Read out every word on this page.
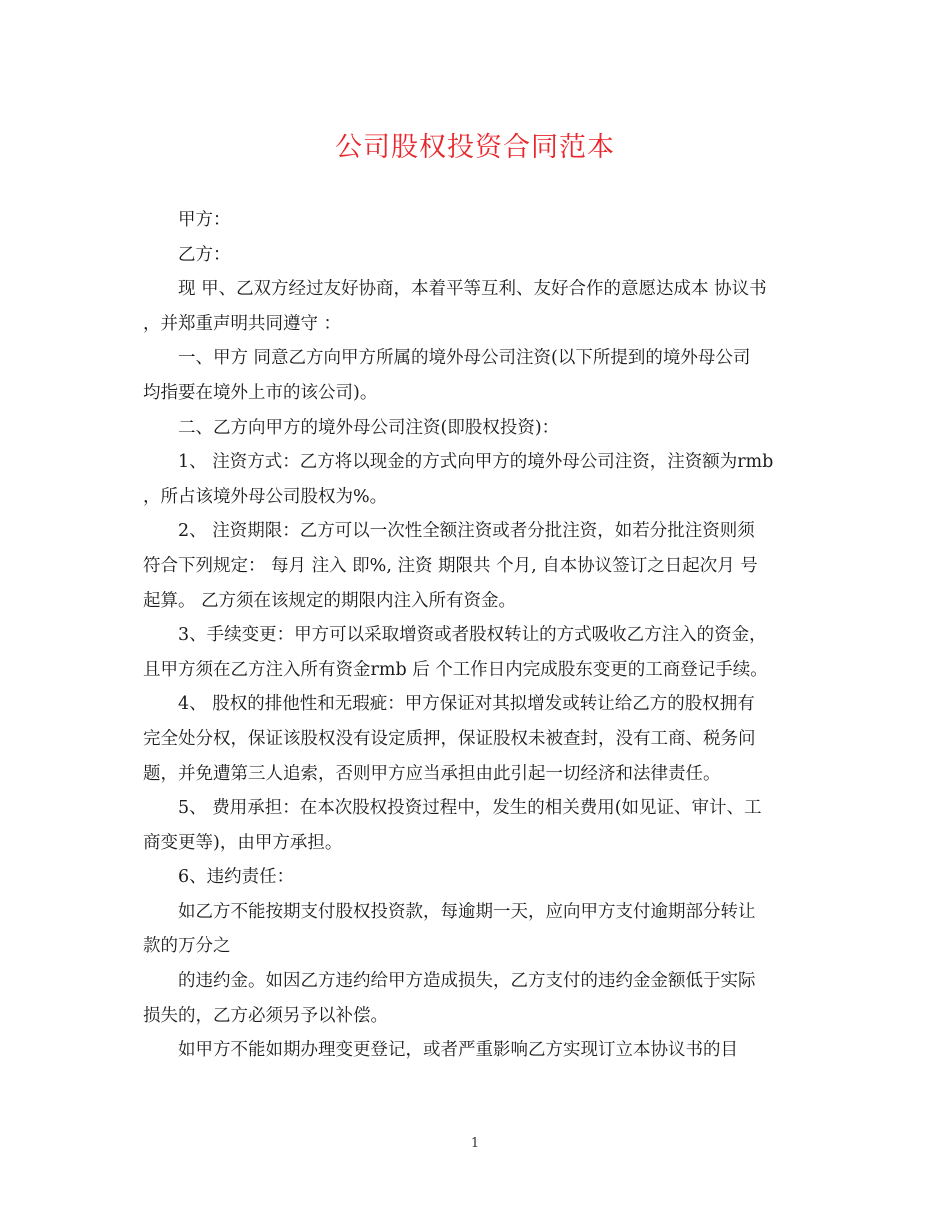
公司股权投资合同范本

甲方：

乙方：

现 甲、乙双方经过友好协商，本着平等互利、友好合作的意愿达成本 协议书
，并郑重声明共同遵守 ：

一、甲方 同意乙方向甲方所属的境外母公司注资(以下所提到的境外母公司
均指要在境外上市的该公司)。

二、乙方向甲方的境外母公司注资(即股权投资)：

1、 注资方式：乙方将以现金的方式向甲方的境外母公司注资，注资额为rmb
，所占该境外母公司股权为%。

2、 注资期限：乙方可以一次性全额注资或者分批注资，如若分批注资则须
符合下列规定： 每月 注入 即%, 注资 期限共 个月, 自本协议签订之日起次月 号
起算。 乙方须在该规定的期限内注入所有资金。

3、手续变更：甲方可以采取增资或者股权转让的方式吸收乙方注入的资金，
且甲方须在乙方注入所有资金rmb 后 个工作日内完成股东变更的工商登记手续。

4、 股权的排他性和无瑕疵：甲方保证对其拟增发或转让给乙方的股权拥有
完全处分权，保证该股权没有设定质押，保证股权未被查封，没有工商、税务问
题，并免遭第三人追索，否则甲方应当承担由此引起一切经济和法律责任。

5、 费用承担：在本次股权投资过程中，发生的相关费用(如见证、审计、工
商变更等)，由甲方承担。

6、违约责任：

如乙方不能按期支付股权投资款，每逾期一天，应向甲方支付逾期部分转让
款的万分之

的违约金。如因乙方违约给甲方造成损失，乙方支付的违约金金额低于实际
损失的，乙方必须另予以补偿。

如甲方不能如期办理变更登记，或者严重影响乙方实现订立本协议书的目

1
